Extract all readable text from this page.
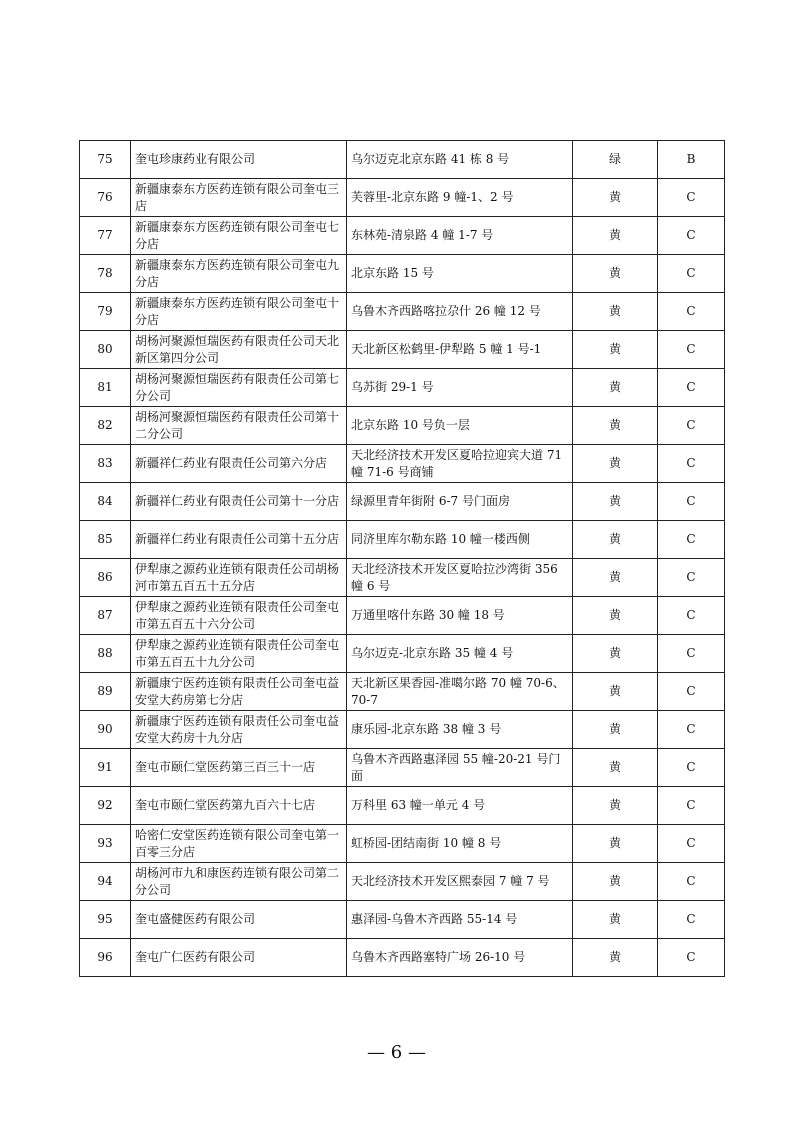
75	奎屯珍康药业有限公司	乌尔迈克北京东路 41 栋 8 号	绿	B
76	新疆康泰东方医药连锁有限公司奎屯三店	芙蓉里-北京东路 9 幢-1、2 号	黄	C
77	新疆康泰东方医药连锁有限公司奎屯七分店	东林苑-清泉路 4 幢 1-7 号	黄	C
78	新疆康泰东方医药连锁有限公司奎屯九分店	北京东路 15 号	黄	C
79	新疆康泰东方医药连锁有限公司奎屯十分店	乌鲁木齐西路喀拉尕什 26 幢 12 号	黄	C
80	胡杨河聚源恒瑞医药有限责任公司天北新区第四分公司	天北新区松鹤里-伊犁路 5 幢 1 号-1	黄	C
81	胡杨河聚源恒瑞医药有限责任公司第七分公司	乌苏街 29-1 号	黄	C
82	胡杨河聚源恒瑞医药有限责任公司第十二分公司	北京东路 10 号负一层	黄	C
83	新疆祥仁药业有限责任公司第六分店	天北经济技术开发区夏哈拉迎宾大道 71 幢 71-6 号商铺	黄	C
84	新疆祥仁药业有限责任公司第十一分店	绿源里青年街附 6-7 号门面房	黄	C
85	新疆祥仁药业有限责任公司第十五分店	同济里库尔勒东路 10 幢一楼西侧	黄	C
86	伊犁康之源药业连锁有限责任公司胡杨河市第五百五十五分店	天北经济技术开发区夏哈拉沙湾街 356 幢 6 号	黄	C
87	伊犁康之源药业连锁有限责任公司奎屯市第五百五十六分公司	万通里喀什东路 30 幢 18 号	黄	C
88	伊犁康之源药业连锁有限责任公司奎屯市第五百五十九分公司	乌尔迈克-北京东路 35 幢 4 号	黄	C
89	新疆康宁医药连锁有限责任公司奎屯益安堂大药房第七分店	天北新区果香园-准噶尔路 70 幢 70-6、70-7	黄	C
90	新疆康宁医药连锁有限责任公司奎屯益安堂大药房十九分店	康乐园-北京东路 38 幢 3 号	黄	C
91	奎屯市颐仁堂医药第三百三十一店	乌鲁木齐西路惠泽园 55 幢-20-21 号门面	黄	C
92	奎屯市颐仁堂医药第九百六十七店	万科里 63 幢一单元 4 号	黄	C
93	哈密仁安堂医药连锁有限公司奎屯第一百零三分店	虹桥园-团结南街 10 幢 8 号	黄	C
94	胡杨河市九和康医药连锁有限公司第二分公司	天北经济技术开发区熙泰园 7 幢 7 号	黄	C
95	奎屯盛健医药有限公司	惠泽园-乌鲁木齐西路 55-14 号	黄	C
96	奎屯广仁医药有限公司	乌鲁木齐西路塞特广场 26-10 号	黄	C
— 6 —
